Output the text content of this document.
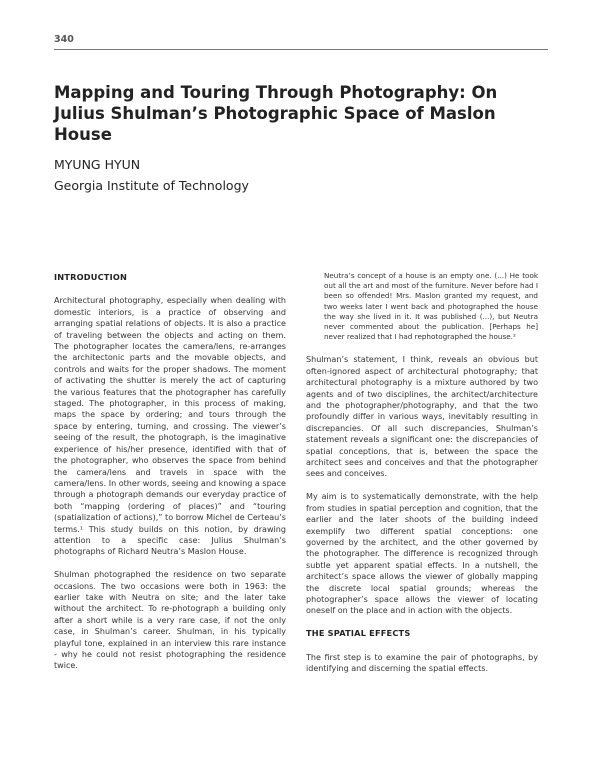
340
Mapping and Touring Through Photography: On Julius Shulman’s Photographic Space of Maslon House
MYUNG HYUN
Georgia Institute of Technology
INTRODUCTION

Architectural photography, especially when dealing with domestic interiors, is a practice of observing and arranging spatial relations of objects. It is also a practice of traveling between the objects and acting on them. The photographer locates the camera/lens, re-arranges the architectonic parts and the movable objects, and controls and waits for the proper shadows. The moment of activating the shutter is merely the act of capturing the various features that the photographer has carefully staged. The photographer, in this process of making, maps the space by ordering; and tours through the space by entering, turning, and crossing. The viewer’s seeing of the result, the photograph, is the imaginative experience of his/her presence, identified with that of the photographer, who observes the space from behind the camera/lens and travels in space with the camera/lens. In other words, seeing and knowing a space through a photograph demands our everyday practice of both “mapping (ordering of places)” and “touring (spatialization of actions),” to borrow Michel de Certeau’s terms.¹ This study builds on this notion, by drawing attention to a specific case: Julius Shulman’s photographs of Richard Neutra’s Maslon House.

Shulman photographed the residence on two separate occasions. The two occasions were both in 1963: the earlier take with Neutra on site; and the later take without the architect. To re-photograph a building only after a short while is a very rare case, if not the only case, in Shulman’s career. Shulman, in his typically playful tone, explained in an interview this rare instance - why he could not resist photographing the residence twice.

Neutra’s concept of a house is an empty one. (...) He took out all the art and most of the furniture. Never before had I been so offended! Mrs. Maslon granted my request, and two weeks later I went back and photographed the house the way she lived in it. It was published (...), but Neutra never commented about the publication. [Perhaps he] never realized that I had rephotographed the house.²

Shulman’s statement, I think, reveals an obvious but often-ignored aspect of architectural photography; that architectural photography is a mixture authored by two agents and of two disciplines, the architect/architecture and the photographer/photography, and that the two profoundly differ in various ways, inevitably resulting in discrepancies. Of all such discrepancies, Shulman’s statement reveals a significant one: the discrepancies of spatial conceptions, that is, between the space the architect sees and conceives and that the photographer sees and conceives.

My aim is to systematically demonstrate, with the help from studies in spatial perception and cognition, that the earlier and the later shoots of the building indeed exemplify two different spatial conceptions: one governed by the architect, and the other governed by the photographer. The difference is recognized through subtle yet apparent spatial effects. In a nutshell, the architect’s space allows the viewer of globally mapping the discrete local spatial grounds; whereas the photographer’s space allows the viewer of locating oneself on the place and in action with the objects.

THE SPATIAL EFFECTS

The first step is to examine the pair of photographs, by identifying and discerning the spatial effects.
